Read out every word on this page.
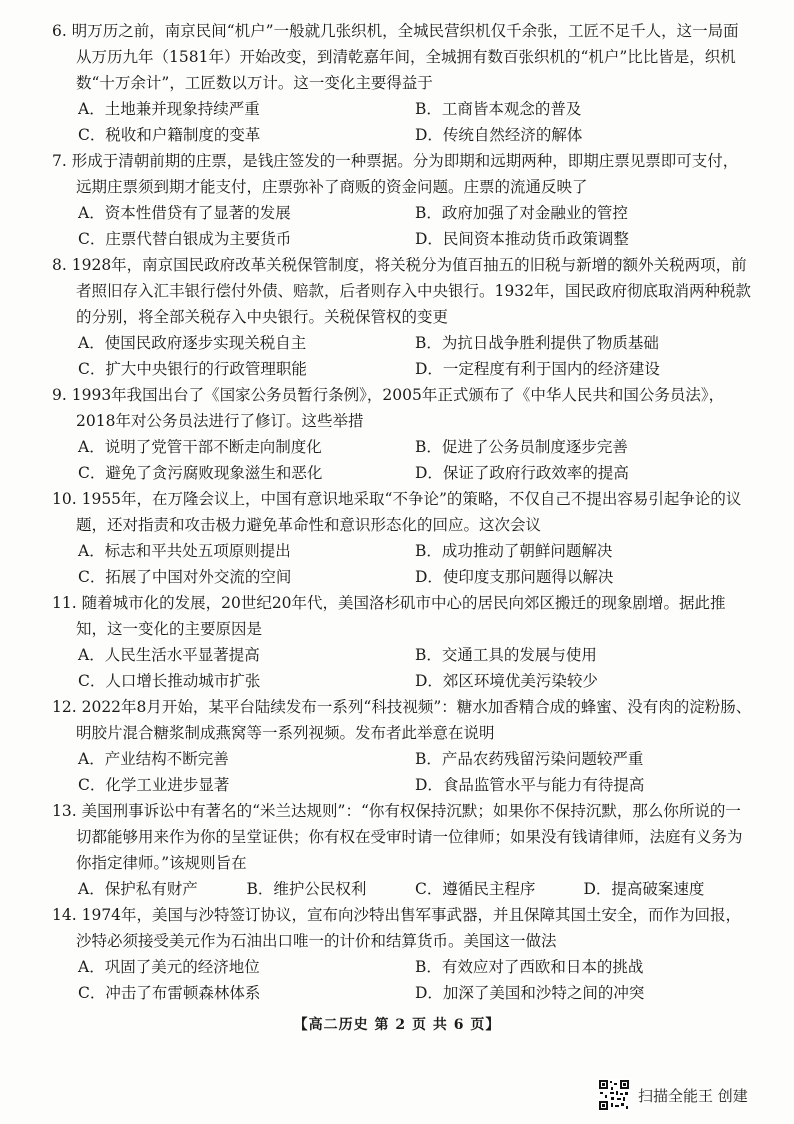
6. 明万历之前，南京民间“机户”一般就几张织机，全城民营织机仅千余张，工匠不足千人，这一局面从万历九年（1581年）开始改变，到清乾嘉年间，全城拥有数百张织机的“机户”比比皆是，织机数“十万余计”，工匠数以万计。这一变化主要得益于
A．土地兼并现象持续严重	B．工商皆本观念的普及
C．税收和户籍制度的变革	D．传统自然经济的解体
7. 形成于清朝前期的庄票，是钱庄签发的一种票据。分为即期和远期两种，即期庄票见票即可支付，远期庄票须到期才能支付，庄票弥补了商贩的资金问题。庄票的流通反映了
A．资本性借贷有了显著的发展	B．政府加强了对金融业的管控
C．庄票代替白银成为主要货币	D．民间资本推动货币政策调整
8. 1928年，南京国民政府改革关税保管制度，将关税分为值百抽五的旧税与新增的额外关税两项，前者照旧存入汇丰银行偿付外债、赔款，后者则存入中央银行。1932年，国民政府彻底取消两种税款的分别，将全部关税存入中央银行。关税保管权的变更
A．使国民政府逐步实现关税自主	B．为抗日战争胜利提供了物质基础
C．扩大中央银行的行政管理职能	D．一定程度有利于国内的经济建设
9. 1993年我国出台了《国家公务员暂行条例》，2005年正式颁布了《中华人民共和国公务员法》，2018年对公务员法进行了修订。这些举措
A．说明了党管干部不断走向制度化	B．促进了公务员制度逐步完善
C．避免了贪污腐败现象滋生和恶化	D．保证了政府行政效率的提高
10. 1955年，在万隆会议上，中国有意识地采取“不争论”的策略，不仅自己不提出容易引起争论的议题，还对指责和攻击极力避免革命性和意识形态化的回应。这次会议
A．标志和平共处五项原则提出	B．成功推动了朝鲜问题解决
C．拓展了中国对外交流的空间	D．使印度支那问题得以解决
11. 随着城市化的发展，20世纪20年代，美国洛杉矶市中心的居民向郊区搬迁的现象剧增。据此推知，这一变化的主要原因是
A．人民生活水平显著提高	B．交通工具的发展与使用
C．人口增长推动城市扩张	D．郊区环境优美污染较少
12. 2022年8月开始，某平台陆续发布一系列“科技视频”：糖水加香精合成的蜂蜜、没有肉的淀粉肠、明胶片混合糖浆制成燕窝等一系列视频。发布者此举意在说明
A．产业结构不断完善	B．产品农药残留污染问题较严重
C．化学工业进步显著	D．食品监管水平与能力有待提高
13. 美国刑事诉讼中有著名的“米兰达规则”：“你有权保持沉默；如果你不保持沉默，那么你所说的一切都能够用来作为你的呈堂证供；你有权在受审时请一位律师；如果没有钱请律师，法庭有义务为你指定律师。”该规则旨在
A．保护私有财产	B．维护公民权利	C．遵循民主程序	D．提高破案速度
14. 1974年，美国与沙特签订协议，宣布向沙特出售军事武器，并且保障其国土安全，而作为回报，沙特必须接受美元作为石油出口唯一的计价和结算货币。美国这一做法
A．巩固了美元的经济地位	B．有效应对了西欧和日本的挑战
C．冲击了布雷顿森林体系	D．加深了美国和沙特之间的冲突
【高二历史 第 2 页 共 6 页】
扫描全能王 创建
